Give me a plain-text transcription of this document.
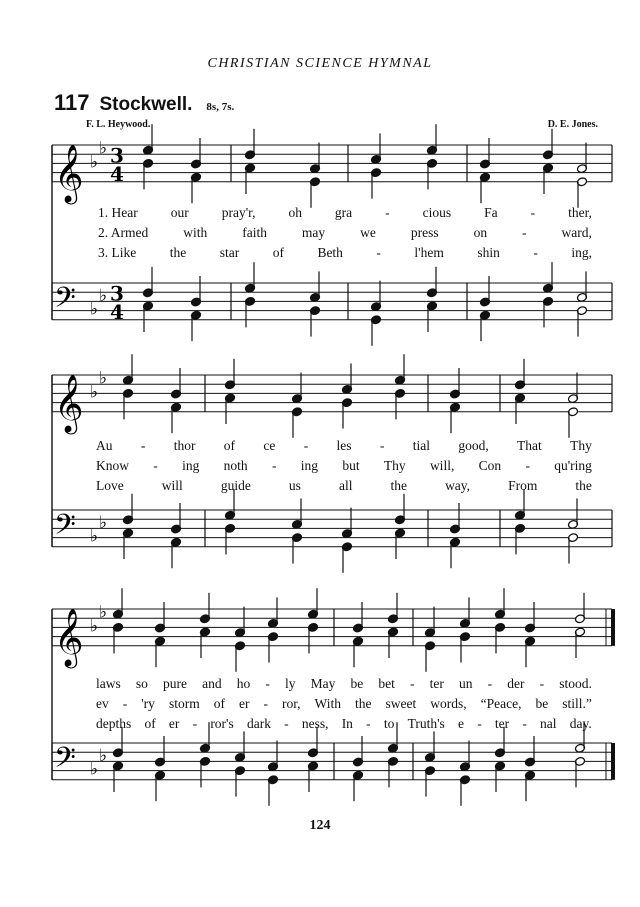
CHRISTIAN SCIENCE HYMNAL
117 Stockwell. 8s, 7s.
F. L. Heywood.	D. E. Jones.
𝄞 ♭
♭ 3
4
𝄢 ♭
♭ 3
4
𝄞 ♭
♭
𝄢 ♭
♭
𝄞 ♭
♭
𝄢 ♭
♭
1. Hear our pray'r, oh gra - cious Fa - ther,
2. Armed	with	faith	may	we	press	on	-	ward,
3. Like the star of Beth - l'hem shin - ing,
Au - thor of ce - les - tial good, That Thy
Know - ing noth - ing but Thy will, Con - qu'ring
Love	will	guide	us	all	the	way,	From	the
laws so pure and ho - ly May be bet - ter un - der - stood.
ev - 'ry storm of er - ror, With the sweet words, “Peace, be still.”
depths of er - ror's dark - ness, In - to Truth's e - ter - nal day.
124
